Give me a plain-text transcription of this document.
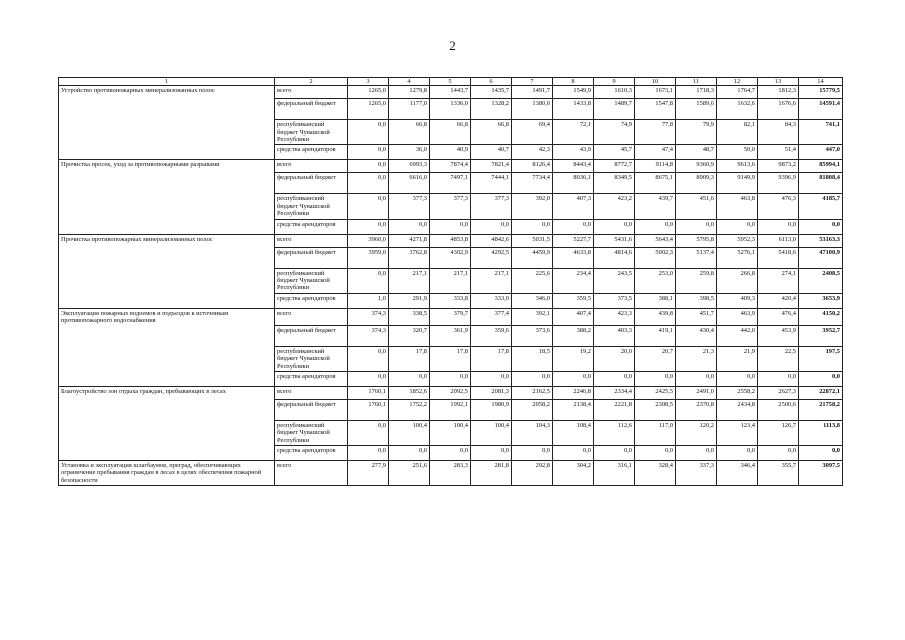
2
1	2	3	4	5	6	7	8	9	10	11	12	13	14
Устройство противопожарных минерализованных полос	всего	1265,0	1279,8	1443,7	1435,7	1491,7	1549,9	1610,3	1673,1	1718,3	1764,7	1812,3	15779,5
	федеральный бюджет	1265,0	1177,0	1336,0	1328,2	1380,0	1433,8	1489,7	1547,8	1589,6	1632,6	1676,6	14591,4
	республиканский бюджет Чувашской Республики	0,0	66,8	66,8	66,8	69,4	72,1	74,9	77,8	79,9	82,1	84,3	741,1
	средства арендаторов	0,0	36,0	40,9	40,7	42,3	43,9	45,7	47,4	48,7	50,0	51,4	447,0
Прочистка просек, уход за противопожарными разрывами	всего	0,0	6993,3	7874,4	7821,4	8126,4	8443,4	8772,7	9114,8	9360,9	9613,6	9873,2	85994,1
	федеральный бюджет	0,0	6616,0	7497,1	7444,1	7734,4	8036,1	8349,5	8675,1	8909,3	9149,9	9396,9	81808,4
	республиканский бюджет Чувашской Республики	0,0	377,3	377,3	377,3	392,0	407,3	423,2	439,7	451,6	463,8	476,3	4185,7
	средства арендаторов	0,0	0,0	0,0	0,0	0,0	0,0	0,0	0,0	0,0	0,0	0,0	0,0
Прочистка противопожарных минерализованных полос	всего	3960,0	4271,8	4853,8	4842,6	5031,5	5227,7	5431,6	5643,4	5795,8	5952,3	6113,0	53163,3
	федеральный бюджет	3959,0	3762,8	4302,9	4292,5	4459,9	4633,8	4814,6	5002,3	5137,4	5276,1	5418,6	47100,9
	республиканский бюджет Чувашской Республики	0,0	217,1	217,1	217,1	225,6	234,4	243,5	253,0	259,8	266,8	274,1	2408,5
	средства арендаторов	1,0	291,9	333,8	333,0	346,0	359,5	373,5	388,1	398,5	409,3	420,4	3653,9
Эксплуатация пожарных водоемов и подъездов к источникам противопожарного водоснабжения	всего	374,3	338,5	379,7	377,4	392,1	407,4	423,3	439,8	451,7	463,9	476,4	4150,2
	федеральный бюджет	374,3	320,7	361,9	359,6	373,6	388,2	403,3	419,1	430,4	442,0	453,9	3952,7
	республиканский бюджет Чувашской Республики	0,0	17,8	17,8	17,8	18,5	19,2	20,0	20,7	21,3	21,9	22,5	197,5
	средства арендаторов	0,0	0,0	0,0	0,0	0,0	0,0	0,0	0,0	0,0	0,0	0,0	0,0
Благоустройство зон отдыха граждан, пребывающих в лесах	всего	1760,1	1852,6	2092,5	2081,3	2162,5	2246,8	2334,4	2425,5	2491,0	2558,2	2627,3	22872,1
	федеральный бюджет	1760,1	1752,2	1992,1	1980,9	2058,2	2138,4	2221,8	2308,5	2370,8	2434,8	2500,6	21758,2
	республиканский бюджет Чувашской Республики	0,0	100,4	100,4	100,4	104,3	108,4	112,6	117,0	120,2	123,4	126,7	1113,8
	средства арендаторов	0,0	0,0	0,0	0,0	0,0	0,0	0,0	0,0	0,0	0,0	0,0	0,0
Установка и эксплуатация шлагбаумов, преград, обеспечивающих ограничение пребывания граждан в лесах в целях обеспечения пожарной безопасности	всего	277,9	251,6	283,3	281,8	292,8	304,2	316,1	328,4	337,3	346,4	355,7	3097,5
